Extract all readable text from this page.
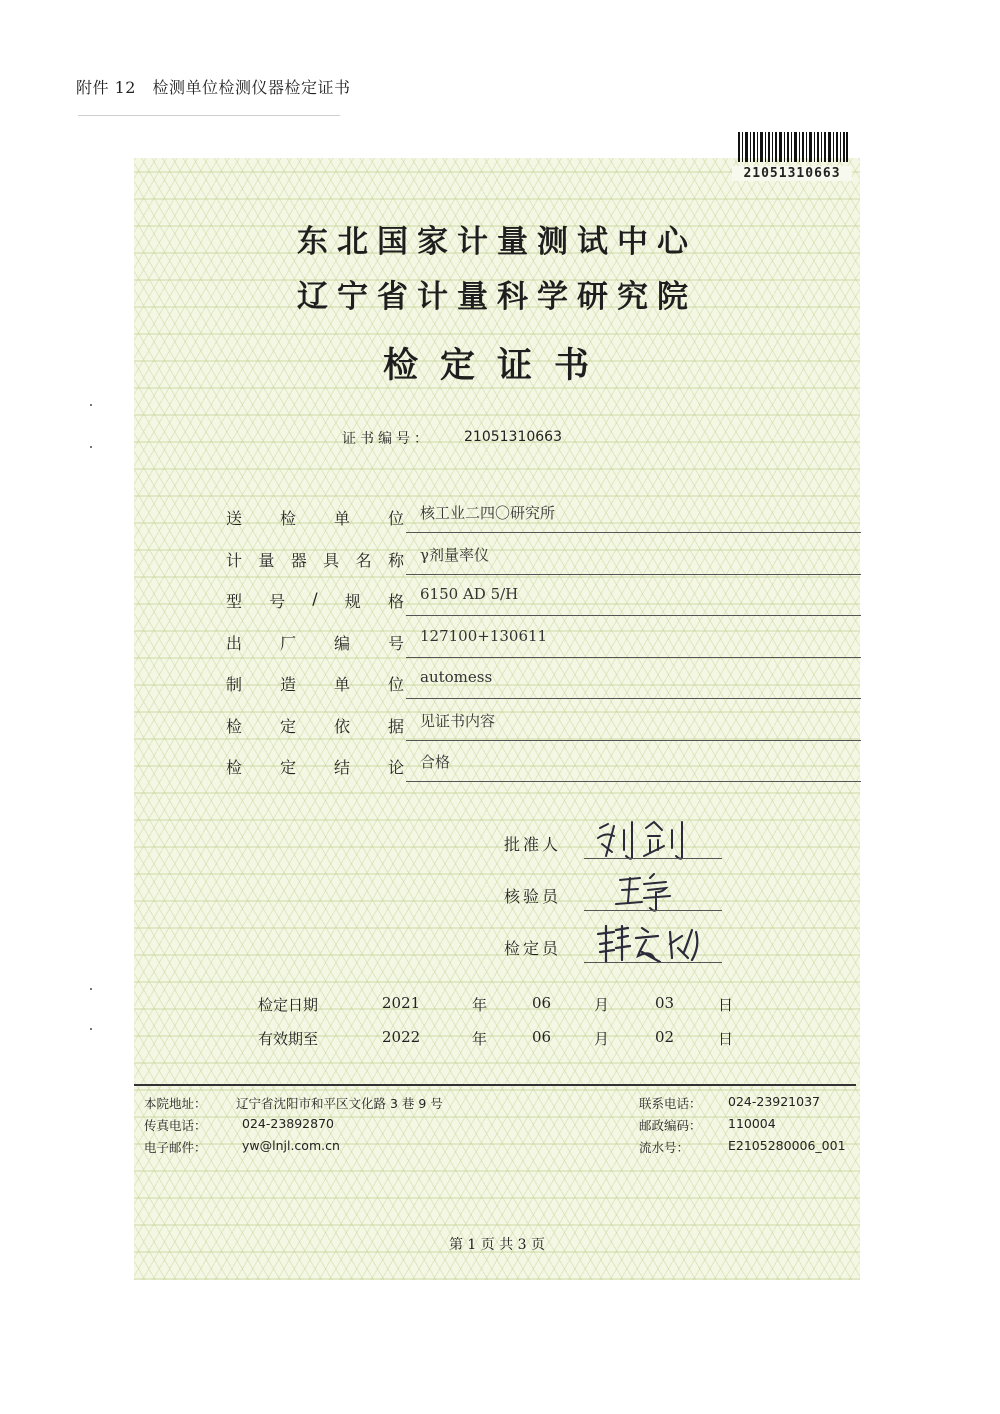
附件 12　检测单位检测仪器检定证书
21051310663
东北国家计量测试中心
辽宁省计量科学研究院
检定证书
证书编号： 21051310663
送 检 单 位 核工业二四〇研究所
计 量 器 具 名 称 γ剂量率仪
型 号 / 规 格 6150 AD 5/H
出 厂 编 号 127100+130611
制 造 单 位 automess
检 定 依 据 见证书内容
检 定 结 论 合格
批准人
核验员
检定员
检定日期	2021	年	06	月	03	日
有效期至	2022	年	06	月	02	日
本院地址： 辽宁省沈阳市和平区文化路 3 巷 9 号
传真电话：	024-23892870
电子邮件：	yw@lnjl.com.cn
联系电话： 024-23921037
邮政编码： 110004
流水号：	E2105280006_001
第 1 页 共 3 页
